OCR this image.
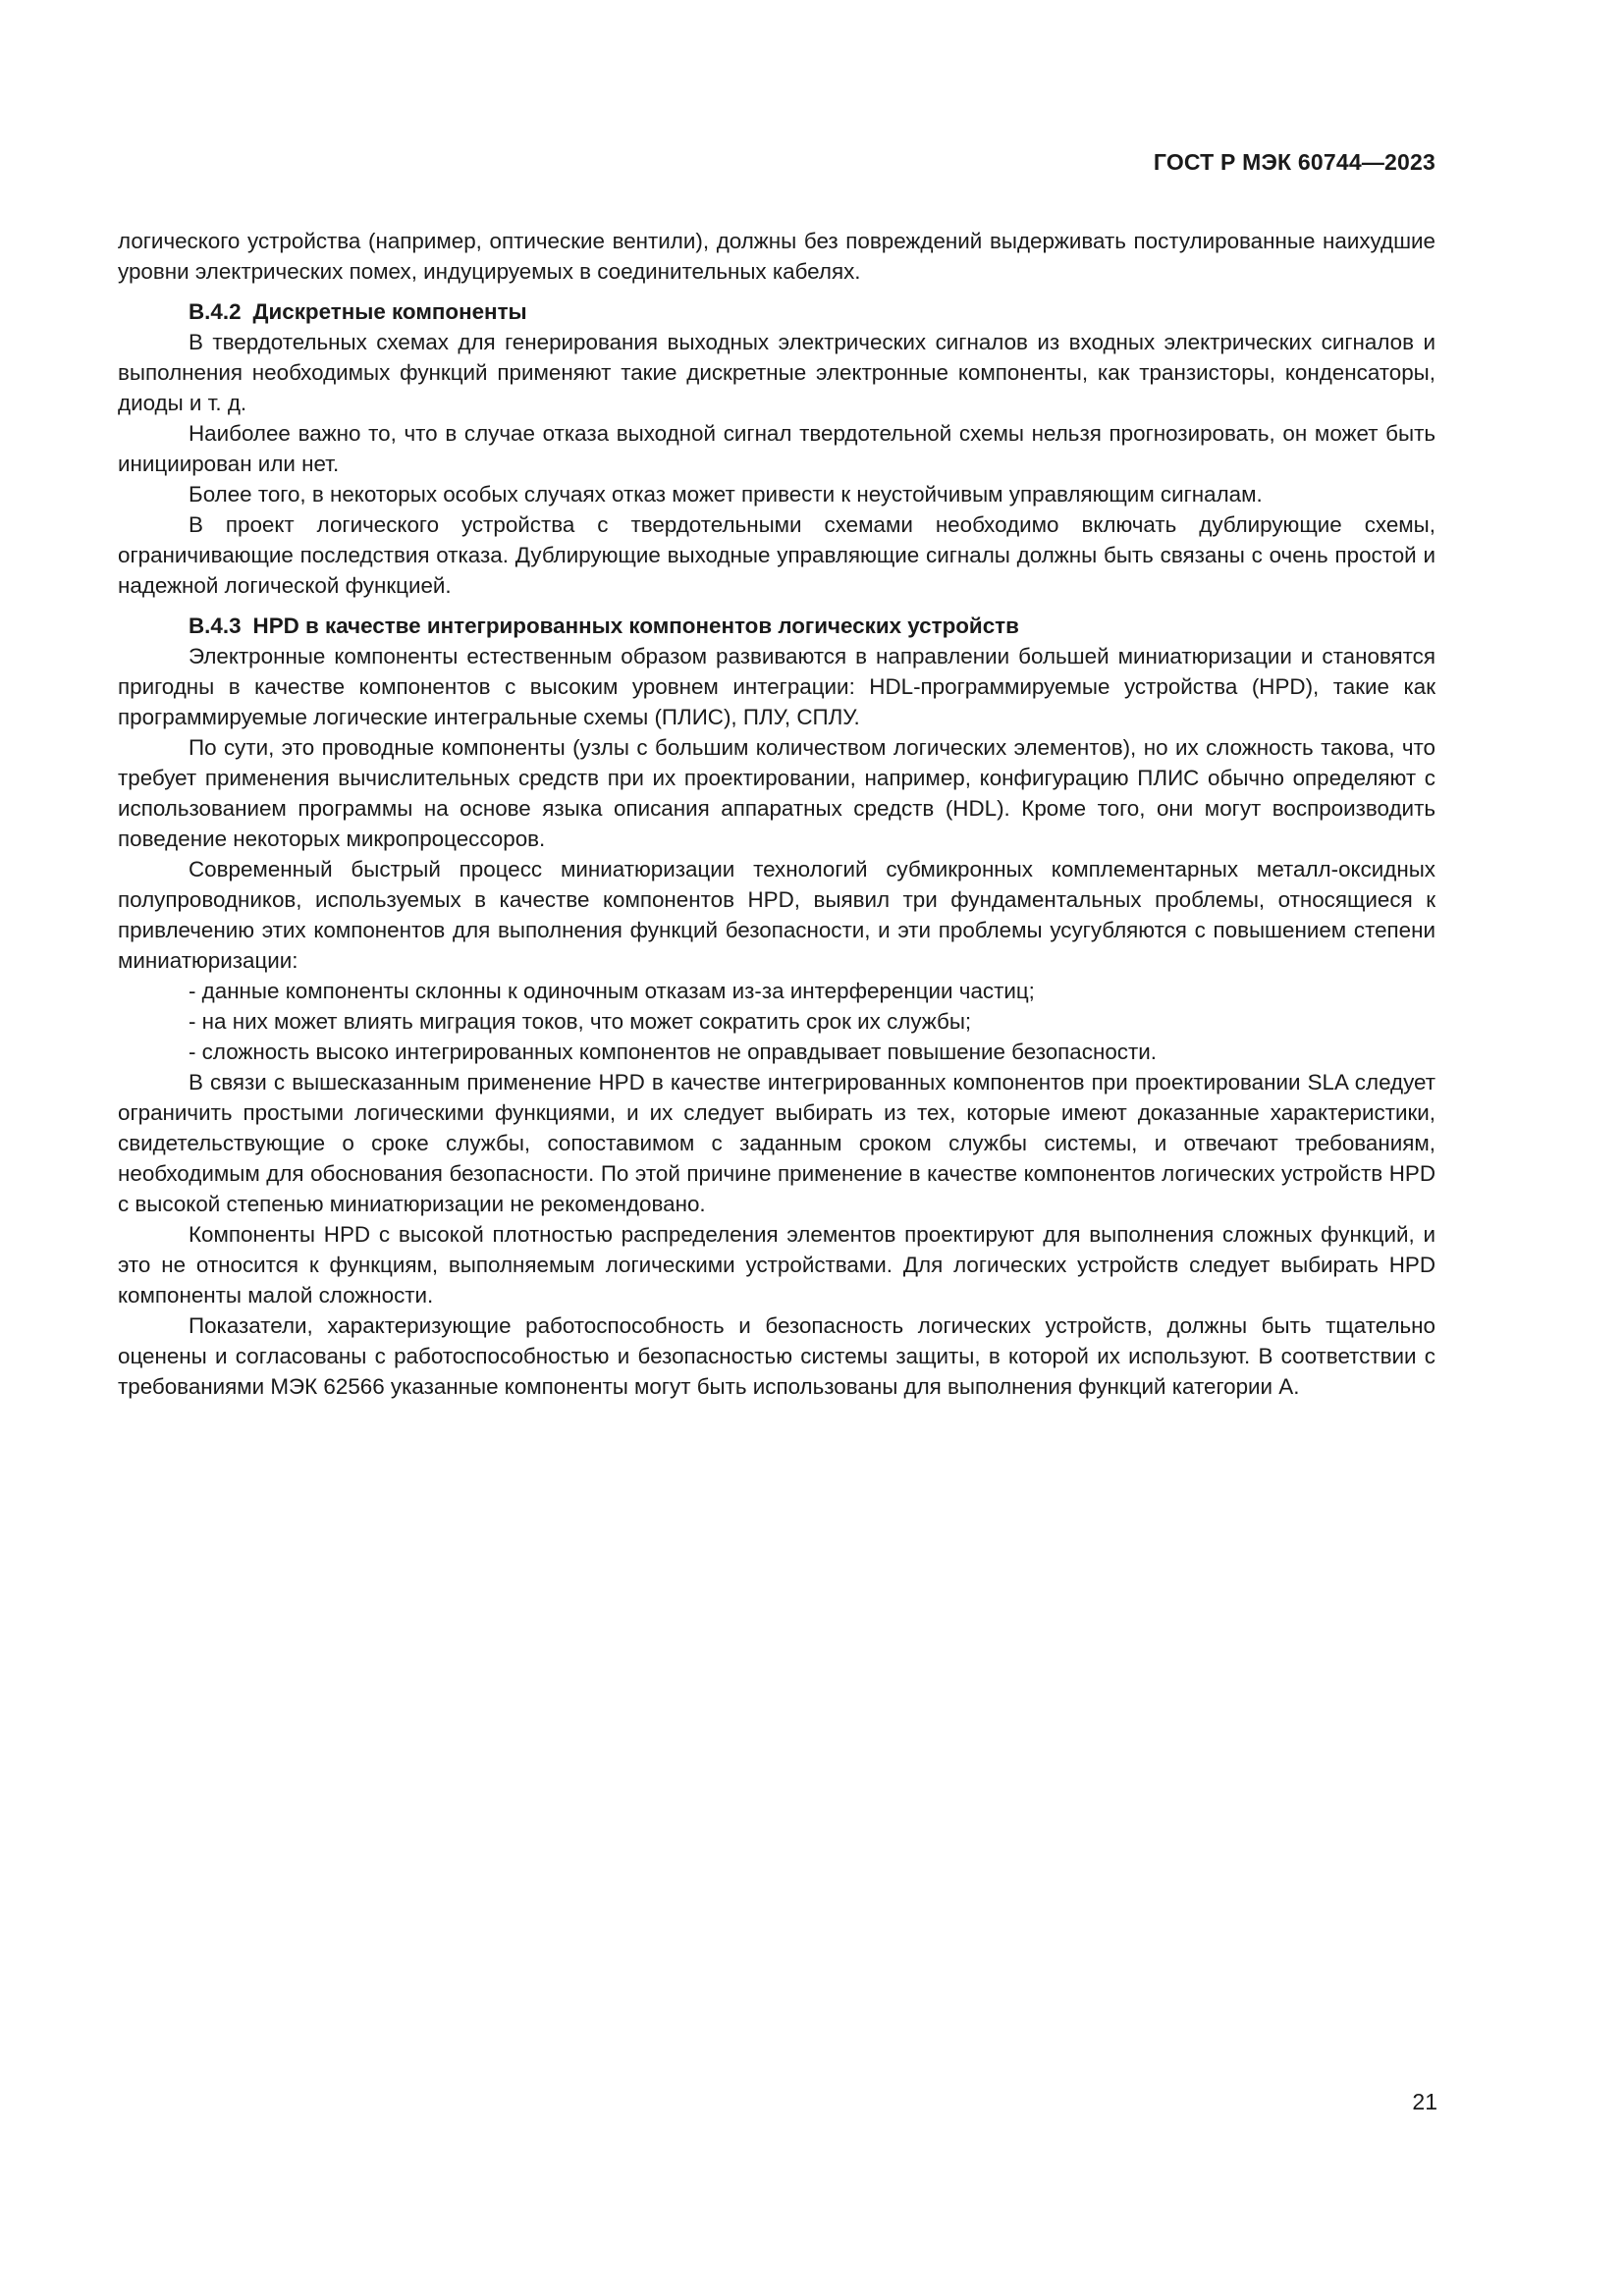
ГОСТ Р МЭК 60744—2023

логического устройства (например, оптические вентили), должны без повреждений выдерживать постулированные наихудшие уровни электрических помех, индуцируемых в соединительных кабелях.

B.4.2 Дискретные компоненты

В твердотельных схемах для генерирования выходных электрических сигналов из входных электрических сигналов и выполнения необходимых функций применяют такие дискретные электронные компоненты, как транзисторы, конденсаторы, диоды и т. д.

Наиболее важно то, что в случае отказа выходной сигнал твердотельной схемы нельзя прогнозировать, он может быть инициирован или нет.

Более того, в некоторых особых случаях отказ может привести к неустойчивым управляющим сигналам.

В проект логического устройства с твердотельными схемами необходимо включать дублирующие схемы, ограничивающие последствия отказа. Дублирующие выходные управляющие сигналы должны быть связаны с очень простой и надежной логической функцией.

B.4.3 HPD в качестве интегрированных компонентов логических устройств

Электронные компоненты естественным образом развиваются в направлении большей миниатюризации и становятся пригодны в качестве компонентов с высоким уровнем интеграции: HDL-программируемые устройства (HPD), такие как программируемые логические интегральные схемы (ПЛИС), ПЛУ, СПЛУ.

По сути, это проводные компоненты (узлы с большим количеством логических элементов), но их сложность такова, что требует применения вычислительных средств при их проектировании, например, конфигурацию ПЛИС обычно определяют с использованием программы на основе языка описания аппаратных средств (HDL). Кроме того, они могут воспроизводить поведение некоторых микропроцессоров.

Современный быстрый процесс миниатюризации технологий субмикронных комплементарных металл-оксидных полупроводников, используемых в качестве компонентов HPD, выявил три фундаментальных проблемы, относящиеся к привлечению этих компонентов для выполнения функций безопасности, и эти проблемы усугубляются с повышением степени миниатюризации:

- данные компоненты склонны к одиночным отказам из-за интерференции частиц;
- на них может влиять миграция токов, что может сократить срок их службы;
- сложность высоко интегрированных компонентов не оправдывает повышение безопасности.

В связи с вышесказанным применение HPD в качестве интегрированных компонентов при проектировании SLA следует ограничить простыми логическими функциями, и их следует выбирать из тех, которые имеют доказанные характеристики, свидетельствующие о сроке службы, сопоставимом с заданным сроком службы системы, и отвечают требованиям, необходимым для обоснования безопасности. По этой причине применение в качестве компонентов логических устройств HPD с высокой степенью миниатюризации не рекомендовано.

Компоненты HPD с высокой плотностью распределения элементов проектируют для выполнения сложных функций, и это не относится к функциям, выполняемым логическими устройствами. Для логических устройств следует выбирать HPD компоненты малой сложности.

Показатели, характеризующие работоспособность и безопасность логических устройств, должны быть тщательно оценены и согласованы с работоспособностью и безопасностью системы защиты, в которой их используют. В соответствии с требованиями МЭК 62566 указанные компоненты могут быть использованы для выполнения функций категории А.

21
